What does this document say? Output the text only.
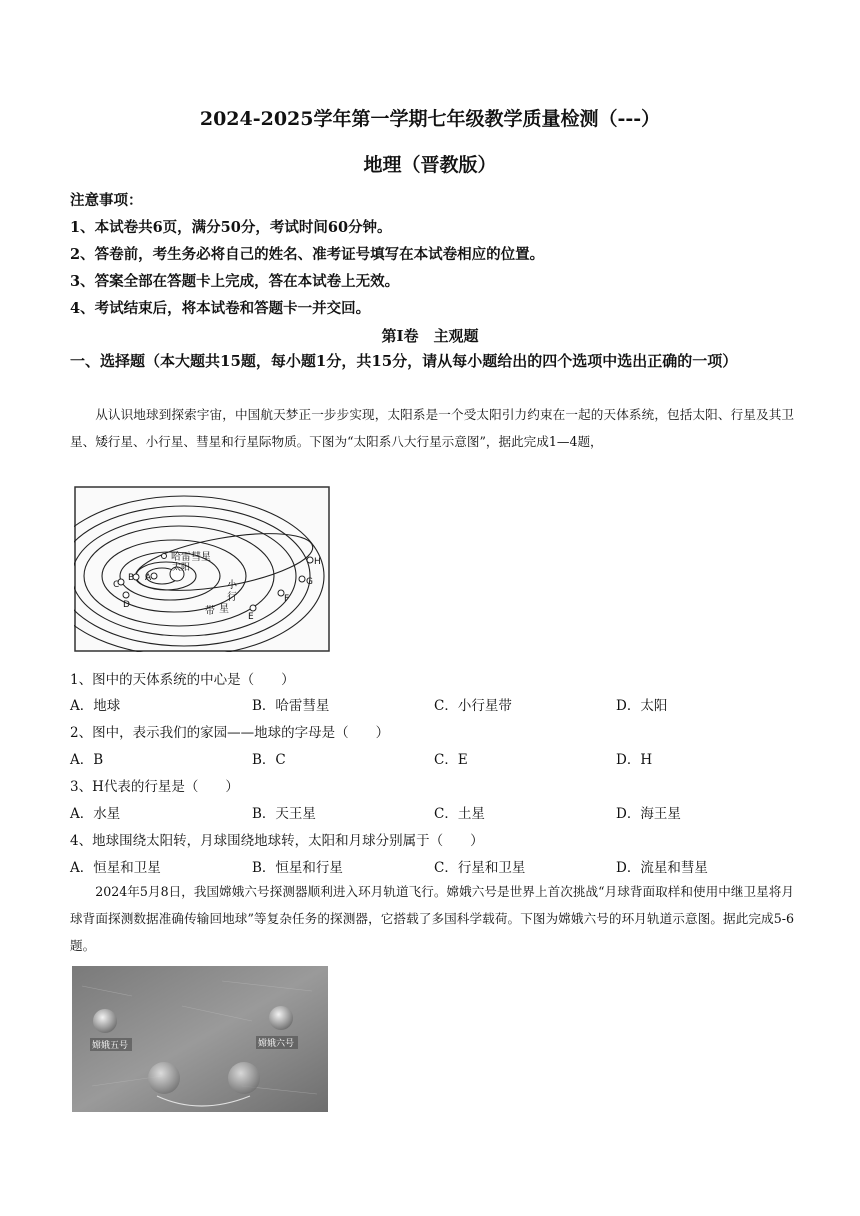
2024-2025学年第一学期七年级教学质量检测（---）
地理（晋教版）
注意事项：
1、本试卷共6页，满分50分，考试时间60分钟。
2、答卷前，考生务必将自己的姓名、准考证号填写在本试卷相应的位置。
3、答案全部在答题卡上完成，答在本试卷上无效。
4、考试结束后，将本试卷和答题卡一并交回。
第Ⅰ卷　主观题
一、选择题（本大题共15题，每小题1分，共15分，请从每小题给出的四个选项中选出正确的一项）
从认识地球到探索宇宙，中国航天梦正一步步实现，太阳系是一个受太阳引力约束在一起的天体系统，包括太阳、行星及其卫星、矮行星、小行星、彗星和行星际物质。下图为“太阳系八大行星示意图”，据此完成1—4题，
哈雷彗星
太阳
小
行
星
带
A
B
C
D
E
F
G
H
1、图中的天体系统的中心是（　　）
A．地球	B．哈雷彗星	C．小行星带	D．太阳
2、图中，表示我们的家园——地球的字母是（　　）
A．B	B．C	C．E	D．H
3、H代表的行星是（　　）
A．水星	B．天王星	C．土星	D．海王星
4、地球围绕太阳转，月球围绕地球转，太阳和月球分别属于（　　）
A．恒星和卫星	B．恒星和行星	C．行星和卫星	D．流星和彗星
2024年5月8日，我国嫦娥六号探测器顺利进入环月轨道飞行。嫦娥六号是世界上首次挑战“月球背面取样和使用中继卫星将月球背面探测数据准确传输回地球”等复杂任务的探测器，它搭载了多国科学载荷。下图为嫦娥六号的环月轨道示意图。据此完成5-6题。
嫦娥五号	嫦娥六号
